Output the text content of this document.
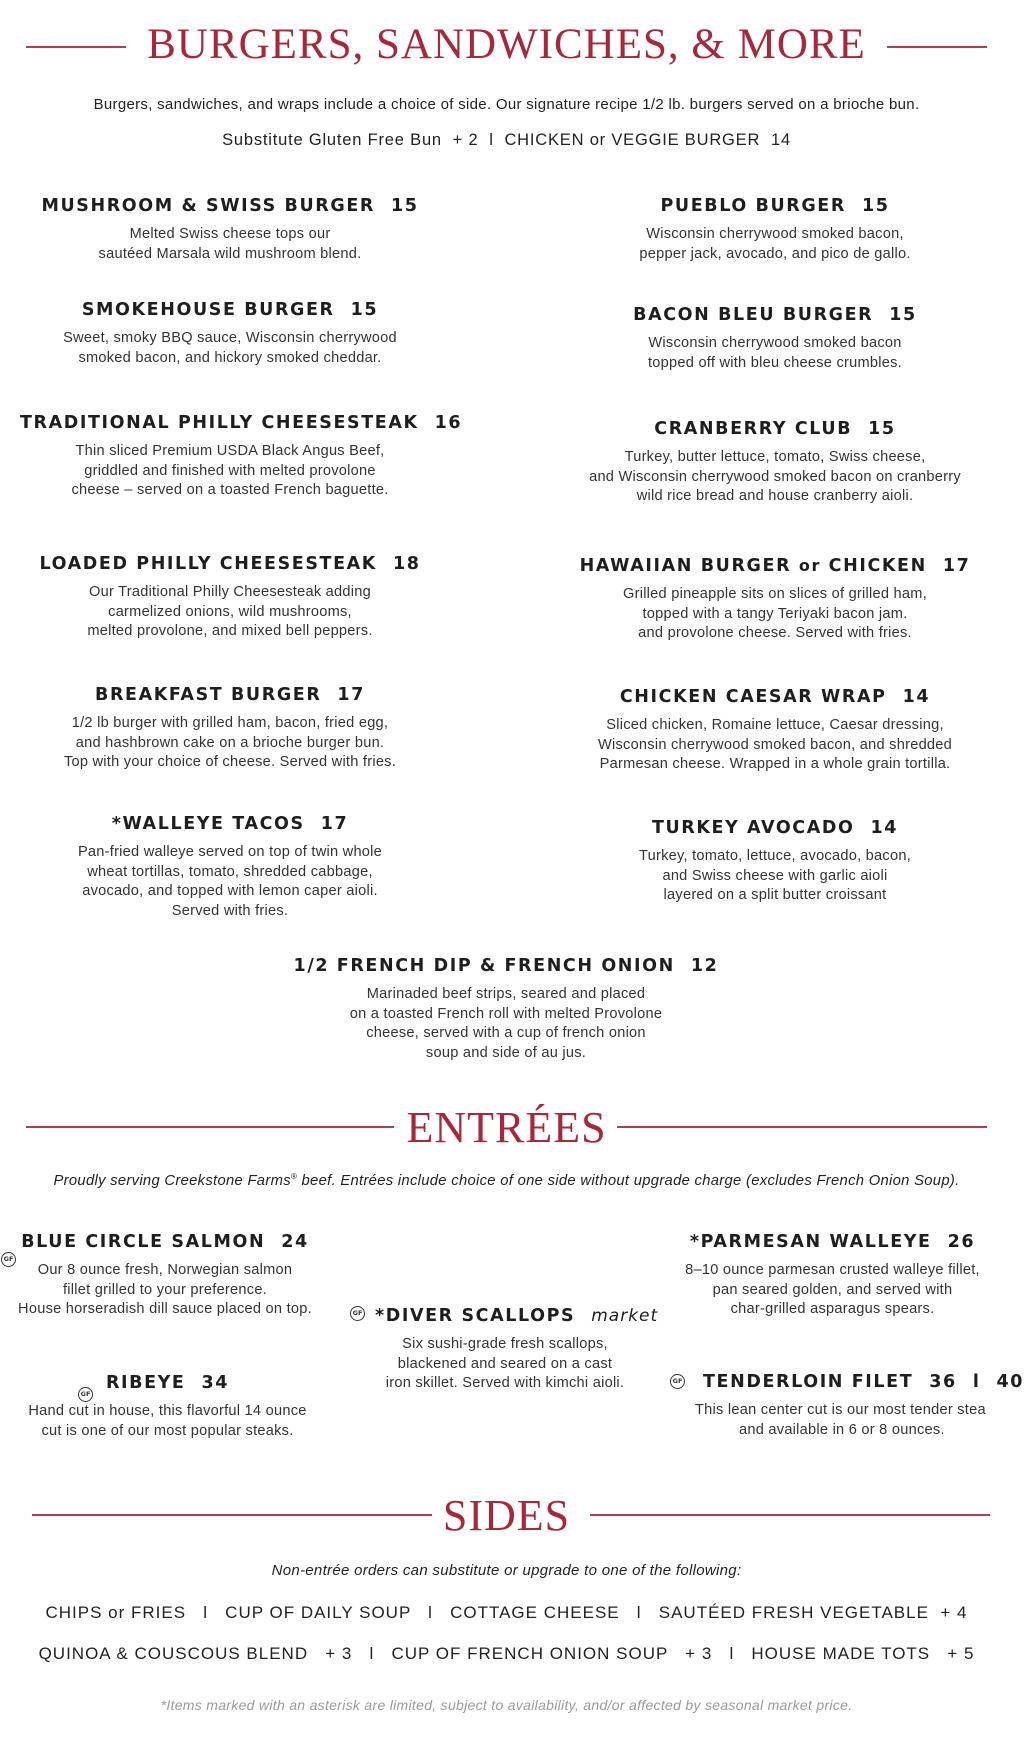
BURGERS, SANDWICHES, & MORE
Burgers, sandwiches, and wraps include a choice of side. Our signature recipe 1/2 lb. burgers served on a brioche bun.
Substitute Gluten Free Bun  + 2  l  CHICKEN or VEGGIE BURGER  14
MUSHROOM & SWISS BURGER 15
Melted Swiss cheese tops our
sautéed Marsala wild mushroom blend.
SMOKEHOUSE BURGER 15
Sweet, smoky BBQ sauce, Wisconsin cherrywood
smoked bacon, and hickory smoked cheddar.
TRADITIONAL PHILLY CHEESESTEAK 16
Thin sliced Premium USDA Black Angus Beef,
griddled and finished with melted provolone
cheese – served on a toasted French baguette.
LOADED PHILLY CHEESESTEAK 18
Our Traditional Philly Cheesesteak adding
carmelized onions, wild mushrooms,
melted provolone, and mixed bell peppers.
BREAKFAST BURGER 17
1/2 lb burger with grilled ham, bacon, fried egg,
and hashbrown cake on a brioche burger bun.
Top with your choice of cheese. Served with fries.
*WALLEYE TACOS 17
Pan-fried walleye served on top of twin whole
wheat tortillas, tomato, shredded cabbage,
avocado, and topped with lemon caper aioli.
Served with fries.
PUEBLO BURGER 15
Wisconsin cherrywood smoked bacon,
pepper jack, avocado, and pico de gallo.
BACON BLEU BURGER 15
Wisconsin cherrywood smoked bacon
topped off with bleu cheese crumbles.
CRANBERRY CLUB 15
Turkey, butter lettuce, tomato, Swiss cheese,
and Wisconsin cherrywood smoked bacon on cranberry
wild rice bread and house cranberry aioli.
HAWAIIAN BURGER or CHICKEN 17
Grilled pineapple sits on slices of grilled ham,
topped with a tangy Teriyaki bacon jam.
and provolone cheese. Served with fries.
CHICKEN CAESAR WRAP 14
Sliced chicken, Romaine lettuce, Caesar dressing,
Wisconsin cherrywood smoked bacon, and shredded
Parmesan cheese. Wrapped in a whole grain tortilla.
TURKEY AVOCADO 14
Turkey, tomato, lettuce, avocado, bacon,
and Swiss cheese with garlic aioli
layered on a split butter croissant
1/2 FRENCH DIP & FRENCH ONION 12
Marinaded beef strips, seared and placed
on a toasted French roll with melted Provolone
cheese, served with a cup of french onion
soup and side of au jus.
ENTRÉES
Proudly serving Creekstone Farms® beef. Entrées include choice of one side without upgrade charge (excludes French Onion Soup).
GF
GF
GF
GF
BLUE CIRCLE SALMON 24
Our 8 ounce fresh, Norwegian salmon
fillet grilled to your preference.
House horseradish dill sauce placed on top.
*PARMESAN WALLEYE 26
8–10 ounce parmesan crusted walleye fillet,
pan seared golden, and served with
char-grilled asparagus spears.
*DIVER SCALLOPS market
Six sushi-grade fresh scallops,
blackened and seared on a cast
iron skillet. Served with kimchi aioli.
RIBEYE 34
Hand cut in house, this flavorful 14 ounce
cut is one of our most popular steaks.
TENDERLOIN FILET 36 l 40
This lean center cut is our most tender stea
and available in 6 or 8 ounces.
SIDES
Non-entrée orders can substitute or upgrade to one of the following:
CHIPS or FRIES   l   CUP OF DAILY SOUP   l   COTTAGE CHEESE   l   SAUTÉED FRESH VEGETABLE  + 4
QUINOA & COUSCOUS BLEND   + 3   l   CUP OF FRENCH ONION SOUP   + 3   l   HOUSE MADE TOTS   + 5
*Items marked with an asterisk are limited, subject to availability, and/or affected by seasonal market price.
